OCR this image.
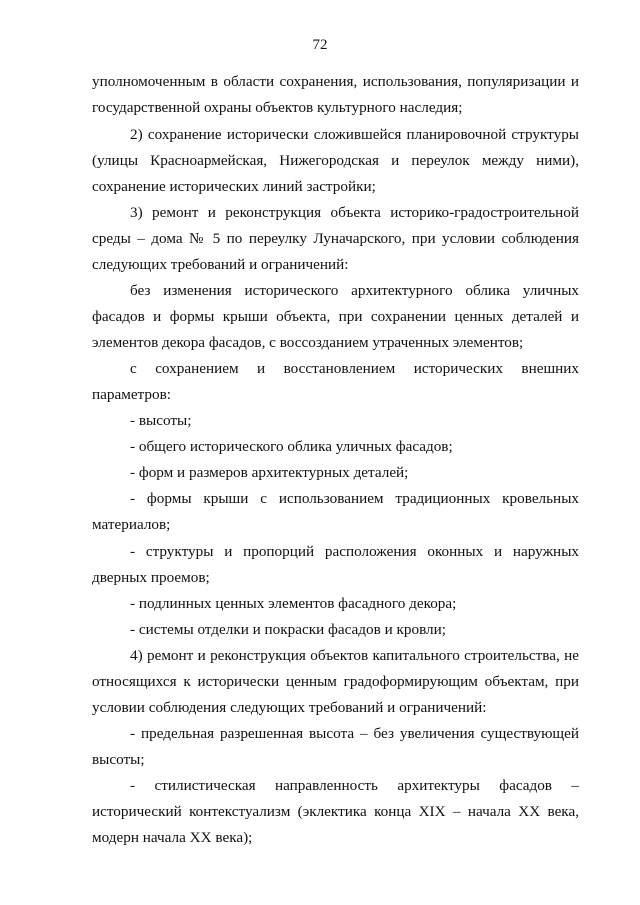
72
уполномоченным в области сохранения, использования, популяризации и
государственной охраны объектов культурного наследия;
2) сохранение исторически сложившейся планировочной структуры
(улицы Красноармейская, Нижегородская и переулок между ними),
сохранение исторических линий застройки;
3) ремонт и реконструкция объекта историко-градостроительной
среды – дома № 5 по переулку Луначарского, при условии соблюдения
следующих требований и ограничений:
без изменения исторического архитектурного облика уличных
фасадов и формы крыши объекта, при сохранении ценных деталей и
элементов декора фасадов, с воссозданием утраченных элементов;
с сохранением и восстановлением исторических внешних
параметров:
- высоты;
- общего исторического облика уличных фасадов;
- форм и размеров архитектурных деталей;
- формы крыши с использованием традиционных кровельных
материалов;
- структуры и пропорций расположения оконных и наружных
дверных проемов;
- подлинных ценных элементов фасадного декора;
- системы отделки и покраски фасадов и кровли;
4) ремонт и реконструкция объектов капитального строительства, не
относящихся к исторически ценным градоформирующим объектам, при
условии соблюдения следующих требований и ограничений:
- предельная разрешенная высота – без увеличения существующей
высоты;
- стилистическая направленность архитектуры фасадов –
исторический контекстуализм (эклектика конца XIX – начала XX века,
модерн начала XX века);
